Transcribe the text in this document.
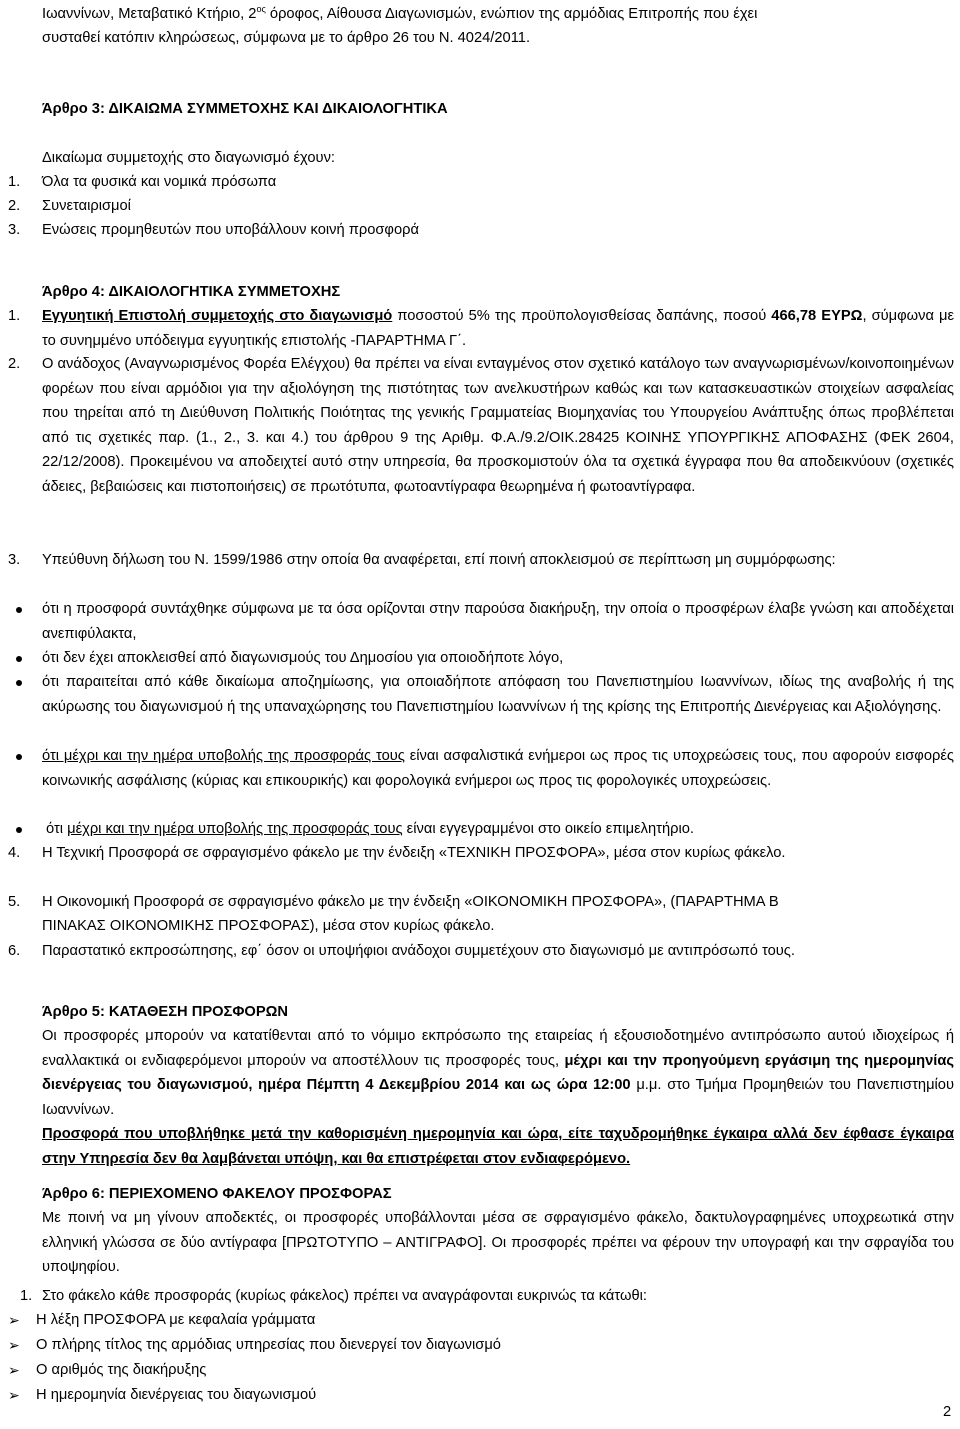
Ιωαννίνων, Μεταβατικό Κτήριο, $2^{o\varsigma}$ όροφος, Αίθουσα Διαγωνισμών, ενώπιον της αρμόδιας Επιτροπής που έχει
συσταθεί κατόπιν κληρώσεως, σύμφωνα με το άρθρο 26 του Ν. 4024/2011.
Άρθρο 3: ΔΙΚΑΙΩΜΑ ΣΥΜΜΕΤΟΧΗΣ ΚΑΙ ΔΙΚΑΙΟΛΟΓΗΤΙΚΑ
Δικαίωμα συμμετοχής στο διαγωνισμό έχουν:
1. Όλα τα φυσικά και νομικά πρόσωπα
2. Συνεταιρισμοί
3. Ενώσεις προμηθευτών που υποβάλλουν κοινή προσφορά
Άρθρο 4: ΔΙΚΑΙΟΛΟΓΗΤΙΚΑ ΣΥΜΜΕΤΟΧΗΣ
1. Εγγυητική Επιστολή συμμετοχής στο διαγωνισμό ποσοστού 5% της προϋπολογισθείσας δαπάνης, ποσού 466,78 ΕΥΡΩ, σύμφωνα με το συνημμένο υπόδειγμα εγγυητικής επιστολής -ΠΑΡΑΡΤΗΜΑ Γ΄.
2. Ο ανάδοχος (Αναγνωρισμένος Φορέα Ελέγχου) θα πρέπει να είναι ενταγμένος στον σχετικό κατάλογο των αναγνωρισμένων/κοινοποιημένων φορέων που είναι αρμόδιοι για την αξιολόγηση της πιστότητας των ανελκυστήρων καθώς και των κατασκευαστικών στοιχείων ασφαλείας που τηρείται από τη Διεύθυνση Πολιτικής Ποιότητας της γενικής Γραμματείας Βιομηχανίας του Υπουργείου Ανάπτυξης όπως προβλέπεται από τις σχετικές παρ. (1., 2., 3. και 4.) του άρθρου 9 της Αριθμ. Φ.Α./9.2/ΟΙΚ.28425 ΚΟΙΝΗΣ ΥΠΟΥΡΓΙΚΗΣ ΑΠΟΦΑΣΗΣ (ΦΕΚ 2604, 22/12/2008). Προκειμένου να αποδειχτεί αυτό στην υπηρεσία, θα προσκομιστούν όλα τα σχετικά έγγραφα που θα αποδεικνύουν (σχετικές άδειες, βεβαιώσεις και πιστοποιήσεις) σε πρωτότυπα, φωτοαντίγραφα θεωρημένα ή φωτοαντίγραφα.
3. Υπεύθυνη δήλωση του Ν. 1599/1986 στην οποία θα αναφέρεται, επί ποινή αποκλεισμού σε περίπτωση μη συμμόρφωσης:
ότι η προσφορά συντάχθηκε σύμφωνα με τα όσα ορίζονται στην παρούσα διακήρυξη, την οποία ο προσφέρων έλαβε γνώση και αποδέχεται ανεπιφύλακτα,
ότι δεν έχει αποκλεισθεί από διαγωνισμούς του Δημοσίου για οποιοδήποτε λόγο,
ότι παραιτείται από κάθε δικαίωμα αποζημίωσης, για οποιαδήποτε απόφαση του Πανεπιστημίου Ιωαννίνων, ιδίως της αναβολής ή της ακύρωσης του διαγωνισμού ή της υπαναχώρησης του Πανεπιστημίου Ιωαννίνων ή της κρίσης της Επιτροπής Διενέργειας και Αξιολόγησης.
ότι μέχρι και την ημέρα υποβολής της προσφοράς τους είναι ασφαλιστικά ενήμεροι ως προς τις υποχρεώσεις τους, που αφορούν εισφορές κοινωνικής ασφάλισης (κύριας και επικουρικής) και φορολογικά ενήμεροι ως προς τις φορολογικές υποχρεώσεις.
ότι μέχρι και την ημέρα υποβολής της προσφοράς τους είναι εγγεγραμμένοι στο οικείο επιμελητήριο.
4. Η Τεχνική Προσφορά σε σφραγισμένο φάκελο με την ένδειξη «ΤΕΧΝΙΚΗ ΠΡΟΣΦΟΡΑ», μέσα στον κυρίως φάκελο.
5. Η Οικονομική Προσφορά σε σφραγισμένο φάκελο με την ένδειξη «ΟΙΚΟΝΟΜΙΚΗ ΠΡΟΣΦΟΡΑ», (ΠΑΡΑΡΤΗΜΑ Β
ΠΙΝΑΚΑΣ ΟΙΚΟΝΟΜΙΚΗΣ ΠΡΟΣΦΟΡΑΣ), μέσα στον κυρίως φάκελο.
6. Παραστατικό εκπροσώπησης, εφ΄ όσον οι υποψήφιοι ανάδοχοι συμμετέχουν στο διαγωνισμό με αντιπρόσωπό τους.
Άρθρο 5: ΚΑΤΑΘΕΣΗ ΠΡΟΣΦΟΡΩΝ
Οι προσφορές μπορούν να κατατίθενται από το νόμιμο εκπρόσωπο της εταιρείας ή εξουσιοδοτημένο αντιπρόσωπο αυτού ιδιοχείρως ή εναλλακτικά οι ενδιαφερόμενοι μπορούν να αποστέλλουν τις προσφορές τους, μέχρι και την προηγούμενη εργάσιμη της ημερομηνίας διενέργειας του διαγωνισμού, ημέρα Πέμπτη 4 Δεκεμβρίου 2014 και ως ώρα 12:00 μ.μ. στο Τμήμα Προμηθειών του Πανεπιστημίου Ιωαννίνων.
Προσφορά που υποβλήθηκε μετά την καθορισμένη ημερομηνία και ώρα, είτε ταχυδρομήθηκε έγκαιρα αλλά δεν έφθασε έγκαιρα στην Υπηρεσία δεν θα λαμβάνεται υπόψη, και θα επιστρέφεται στον ενδιαφερόμενο.
Άρθρο 6: ΠΕΡΙΕΧΟΜΕΝΟ ΦΑΚΕΛΟΥ ΠΡΟΣΦΟΡΑΣ
Με ποινή να μη γίνουν αποδεκτές, οι προσφορές υποβάλλονται μέσα σε σφραγισμένο φάκελο, δακτυλογραφημένες υποχρεωτικά στην ελληνική γλώσσα σε δύο αντίγραφα [ΠΡΩΤΟΤΥΠΟ – ΑΝΤΙΓΡΑΦΟ]. Οι προσφορές πρέπει να φέρουν την υπογραφή και την σφραγίδα του υποψηφίου.
1. Στο φάκελο κάθε προσφοράς (κυρίως φάκελος) πρέπει να αναγράφονται ευκρινώς τα κάτωθι:
➢ Η λέξη ΠΡΟΣΦΟΡΑ με κεφαλαία γράμματα
➢ Ο πλήρης τίτλος της αρμόδιας υπηρεσίας που διενεργεί τον διαγωνισμό
➢ Ο αριθμός της διακήρυξης
➢ Η ημερομηνία διενέργειας του διαγωνισμού
2
